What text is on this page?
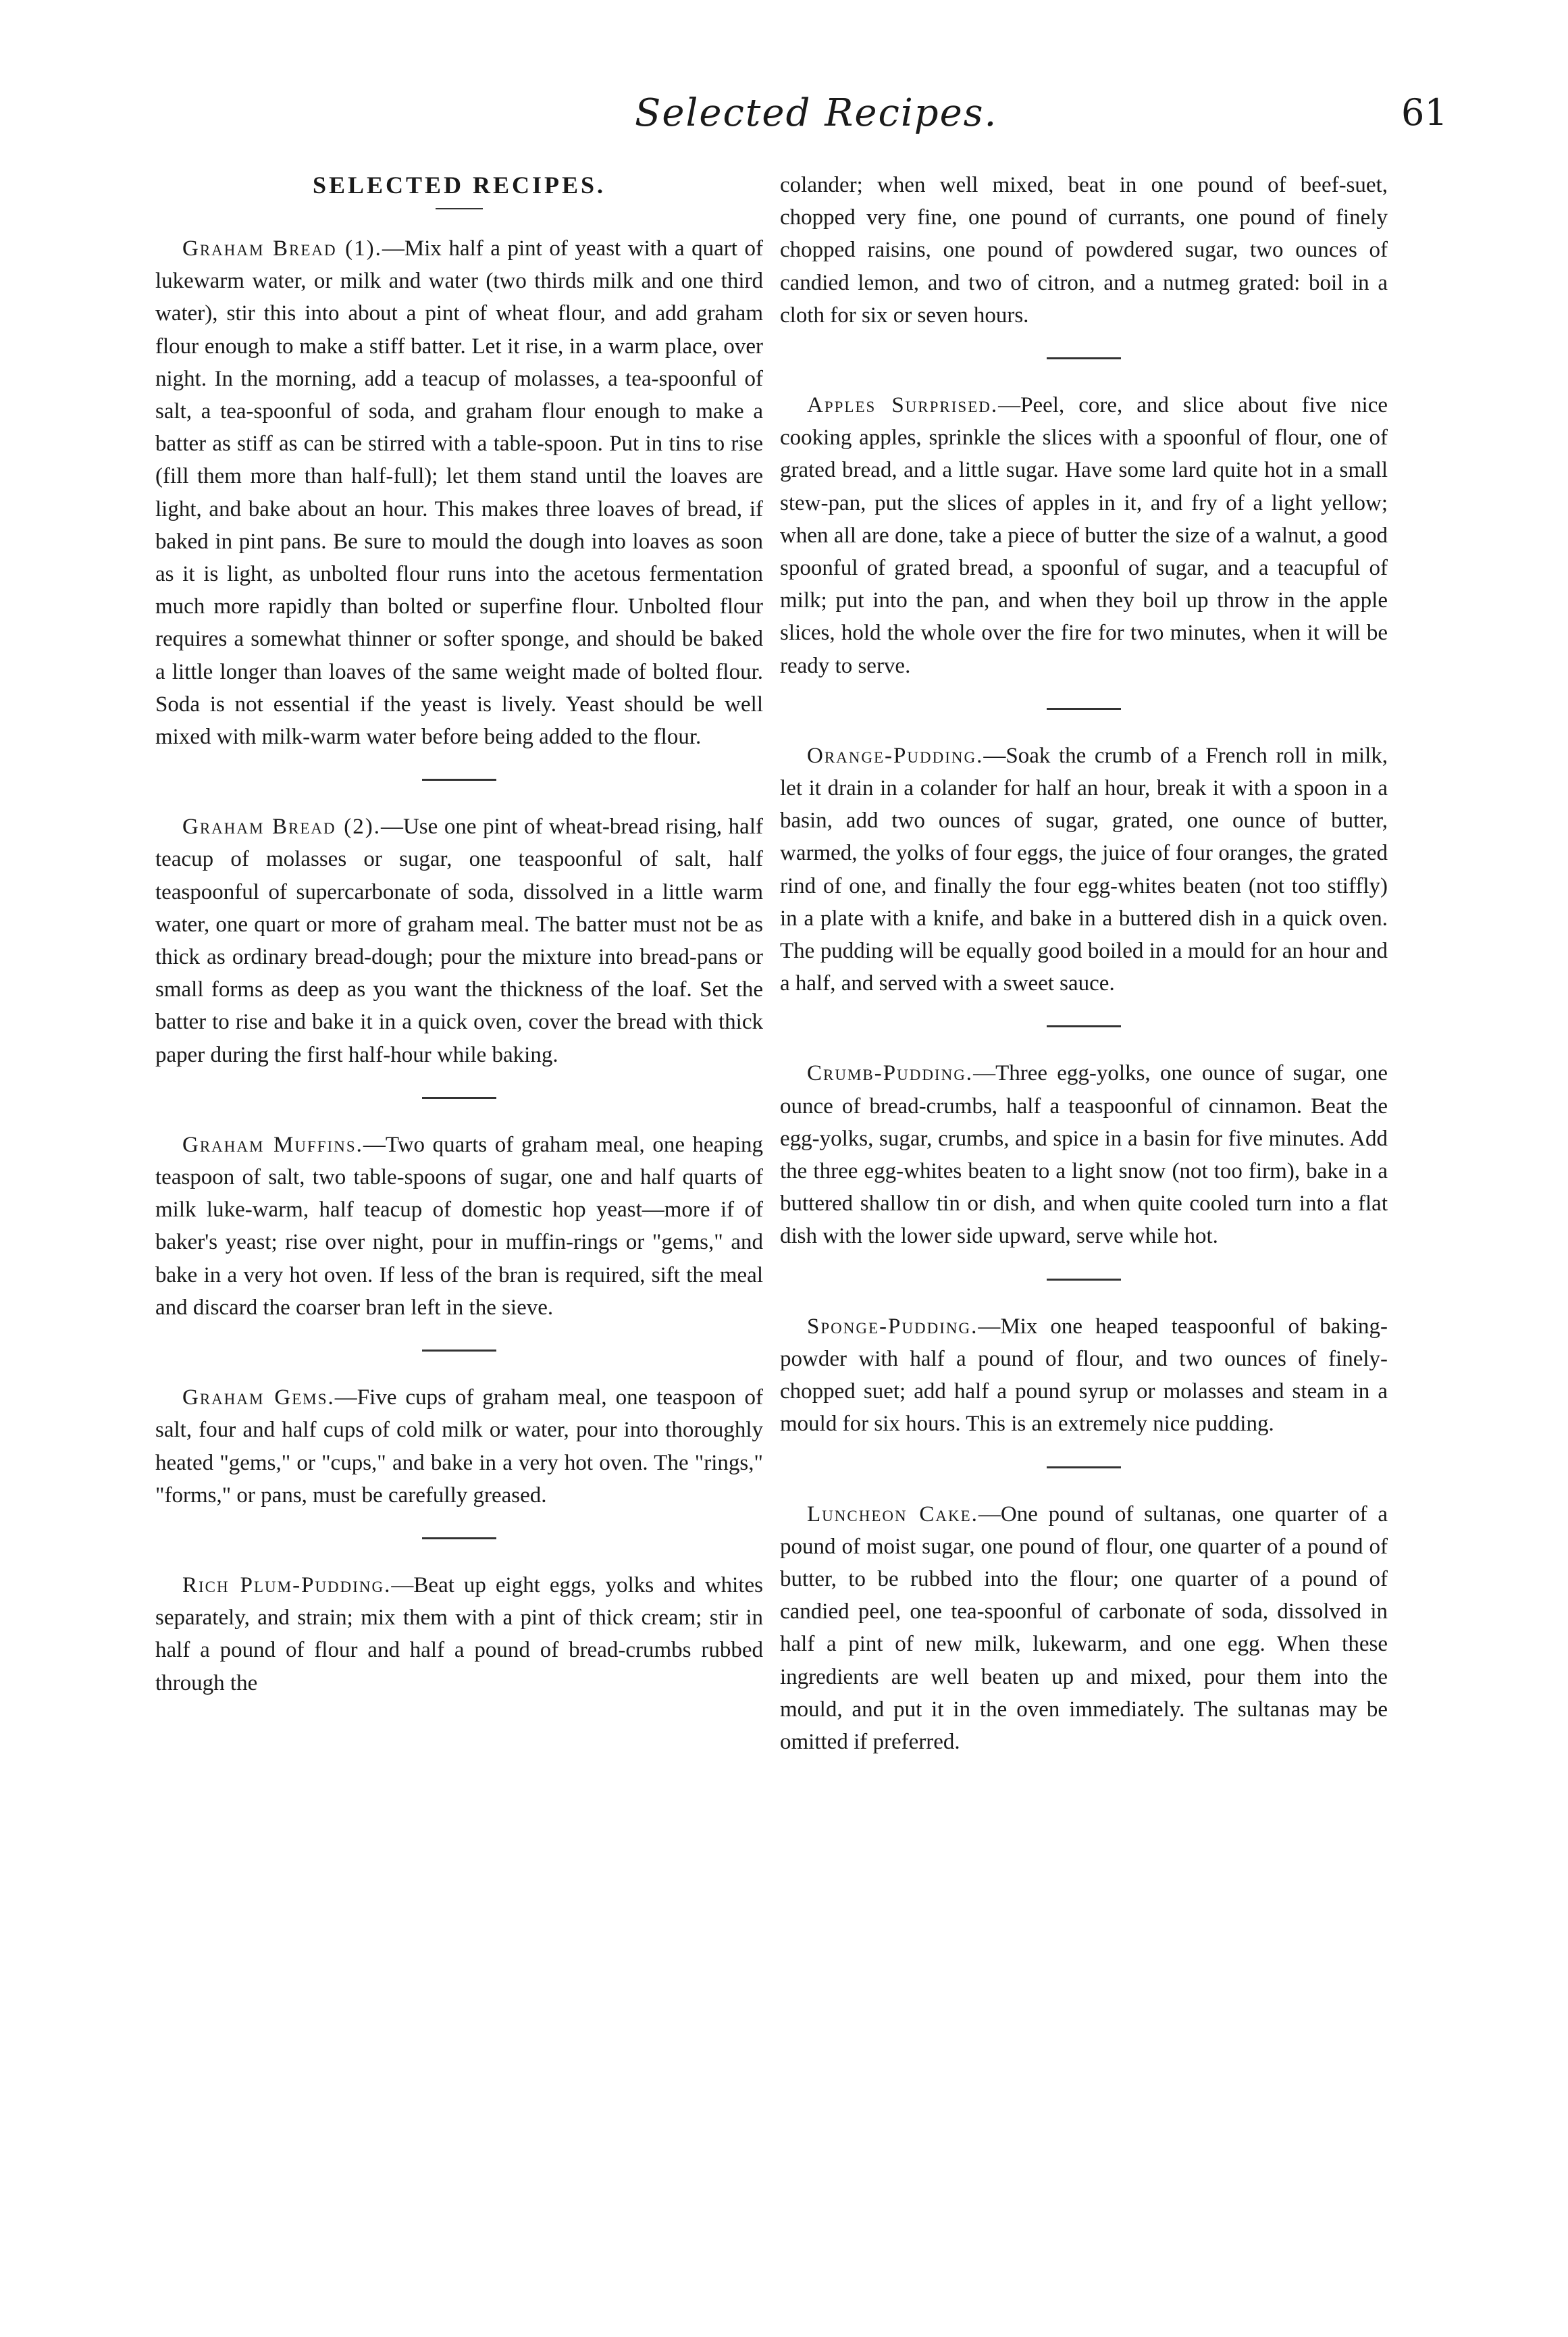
Selected Recipes.	61
SELECTED RECIPES.

Graham Bread (1).—Mix half a pint of yeast with a quart of lukewarm water, or milk and water (two thirds milk and one third water), stir this into about a pint of wheat flour, and add graham flour enough to make a stiff batter. Let it rise, in a warm place, over night. In the morning, add a teacup of molasses, a tea-spoonful of salt, a tea-spoonful of soda, and graham flour enough to make a batter as stiff as can be stirred with a table-spoon. Put in tins to rise (fill them more than half-full); let them stand until the loaves are light, and bake about an hour. This makes three loaves of bread, if baked in pint pans. Be sure to mould the dough into loaves as soon as it is light, as unbolted flour runs into the acetous fermentation much more rapidly than bolted or superfine flour. Unbolted flour requires a somewhat thinner or softer sponge, and should be baked a little longer than loaves of the same weight made of bolted flour. Soda is not essential if the yeast is lively. Yeast should be well mixed with milk-warm water before being added to the flour.

Graham Bread (2).—Use one pint of wheat-bread rising, half teacup of molasses or sugar, one teaspoonful of salt, half teaspoonful of supercarbonate of soda, dissolved in a little warm water, one quart or more of graham meal. The batter must not be as thick as ordinary bread-dough; pour the mixture into bread-pans or small forms as deep as you want the thickness of the loaf. Set the batter to rise and bake it in a quick oven, cover the bread with thick paper during the first half-hour while baking.

Graham Muffins.—Two quarts of graham meal, one heaping teaspoon of salt, two table-spoons of sugar, one and half quarts of milk luke-warm, half teacup of domestic hop yeast—more if of baker's yeast; rise over night, pour in muffin-rings or "gems," and bake in a very hot oven. If less of the bran is required, sift the meal and discard the coarser bran left in the sieve.

Graham Gems.—Five cups of graham meal, one teaspoon of salt, four and half cups of cold milk or water, pour into thoroughly heated "gems," or "cups," and bake in a very hot oven. The "rings," "forms," or pans, must be carefully greased.

Rich Plum-Pudding.—Beat up eight eggs, yolks and whites separately, and strain; mix them with a pint of thick cream; stir in half a pound of flour and half a pound of bread-crumbs rubbed through the

colander; when well mixed, beat in one pound of beef-suet, chopped very fine, one pound of currants, one pound of finely chopped raisins, one pound of powdered sugar, two ounces of candied lemon, and two of citron, and a nutmeg grated: boil in a cloth for six or seven hours.

Apples Surprised.—Peel, core, and slice about five nice cooking apples, sprinkle the slices with a spoonful of flour, one of grated bread, and a little sugar. Have some lard quite hot in a small stew-pan, put the slices of apples in it, and fry of a light yellow; when all are done, take a piece of butter the size of a walnut, a good spoonful of grated bread, a spoonful of sugar, and a teacupful of milk; put into the pan, and when they boil up throw in the apple slices, hold the whole over the fire for two minutes, when it will be ready to serve.

Orange-Pudding.—Soak the crumb of a French roll in milk, let it drain in a colander for half an hour, break it with a spoon in a basin, add two ounces of sugar, grated, one ounce of butter, warmed, the yolks of four eggs, the juice of four oranges, the grated rind of one, and finally the four egg-whites beaten (not too stiffly) in a plate with a knife, and bake in a buttered dish in a quick oven. The pudding will be equally good boiled in a mould for an hour and a half, and served with a sweet sauce.

Crumb-Pudding.—Three egg-yolks, one ounce of sugar, one ounce of bread-crumbs, half a teaspoonful of cinnamon. Beat the egg-yolks, sugar, crumbs, and spice in a basin for five minutes. Add the three egg-whites beaten to a light snow (not too firm), bake in a buttered shallow tin or dish, and when quite cooled turn into a flat dish with the lower side upward, serve while hot.

Sponge-Pudding.—Mix one heaped teaspoonful of baking-powder with half a pound of flour, and two ounces of finely-chopped suet; add half a pound syrup or molasses and steam in a mould for six hours. This is an extremely nice pudding.

Luncheon Cake.—One pound of sultanas, one quarter of a pound of moist sugar, one pound of flour, one quarter of a pound of butter, to be rubbed into the flour; one quarter of a pound of candied peel, one tea-spoonful of carbonate of soda, dissolved in half a pint of new milk, lukewarm, and one egg. When these ingredients are well beaten up and mixed, pour them into the mould, and put it in the oven immediately. The sultanas may be omitted if preferred.
